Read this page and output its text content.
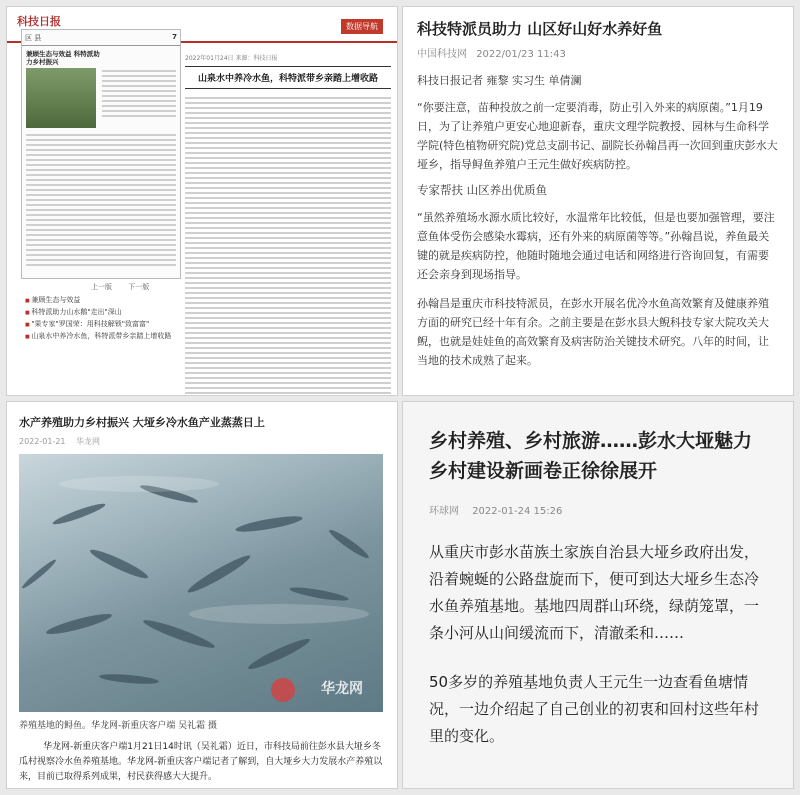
科技日报	数据导航
区 县	7
兼顾生态与效益 科特派助力乡村振兴
上一版 下一版
■ 兼顾生态与效益
■ 科特派助力山水鹅"走出"深山
■ "果专家"罗国荣：用科技解锁"致富富"
■ 山泉水中养冷水鱼，科特派带乡亲踏上增收路
2022年01月24日 来源：科技日报
山泉水中养冷水鱼，科特派带乡亲踏上增收路
科技特派员助力 山区好山好水养好鱼
中国科技网 2022/01/23 11:43
科技日报记者 雍黎 实习生 单倩澜
“你要注意，苗种投放之前一定要消毒，防止引入外来的病原菌。”1月19日，为了让养殖户更安心地迎新春，重庆文理学院教授、园林与生命科学学院(特色植物研究院)党总支副书记、副院长孙翰昌再一次回到重庆彭水大垭乡，指导鲟鱼养殖户王元生做好疾病防控。
专家帮扶 山区养出优质鱼
“虽然养殖场水源水质比较好，水温常年比较低，但是也要加强管理，要注意鱼体受伤会感染水霉病，还有外来的病原菌等等。”孙翰昌说，养鱼最关键的就是疾病防控，他随时随地会通过电话和网络进行咨询回复，有需要还会亲身到现场指导。
孙翰昌是重庆市科技特派员，在彭水开展名优冷水鱼高效繁育及健康养殖方面的研究已经十年有余。之前主要是在彭水县大鲵科技专家大院攻关大鲵，也就是娃娃鱼的高效繁育及病害防治关键技术研究。八年的时间，让当地的技术成熟了起来。
水产养殖助力乡村振兴 大垭乡冷水鱼产业蒸蒸日上
2022-01-21 华龙网
华龙网
养殖基地的鲟鱼。华龙网-新重庆客户端 吴礼霜 摄
华龙网-新重庆客户端1月21日14时讯（吴礼霜）近日，市科技局前往彭水县大垭乡冬瓜村视察冷水鱼养殖基地。华龙网-新重庆客户端记者了解到，自大垭乡大力发展水产养殖以来，目前已取得系列成果，村民获得感大大提升。
乡村养殖、乡村旅游……彭水大垭魅力乡村建设新画卷正徐徐展开
环球网 2022-01-24 15:26
从重庆市彭水苗族土家族自治县大垭乡政府出发，沿着蜿蜒的公路盘旋而下，便可到达大垭乡生态冷水鱼养殖基地。基地四周群山环绕，绿荫笼罩，一条小河从山间缓流而下，清澈柔和……
50多岁的养殖基地负责人王元生一边查看鱼塘情况，一边介绍起了自己创业的初衷和回村这些年村里的变化。
